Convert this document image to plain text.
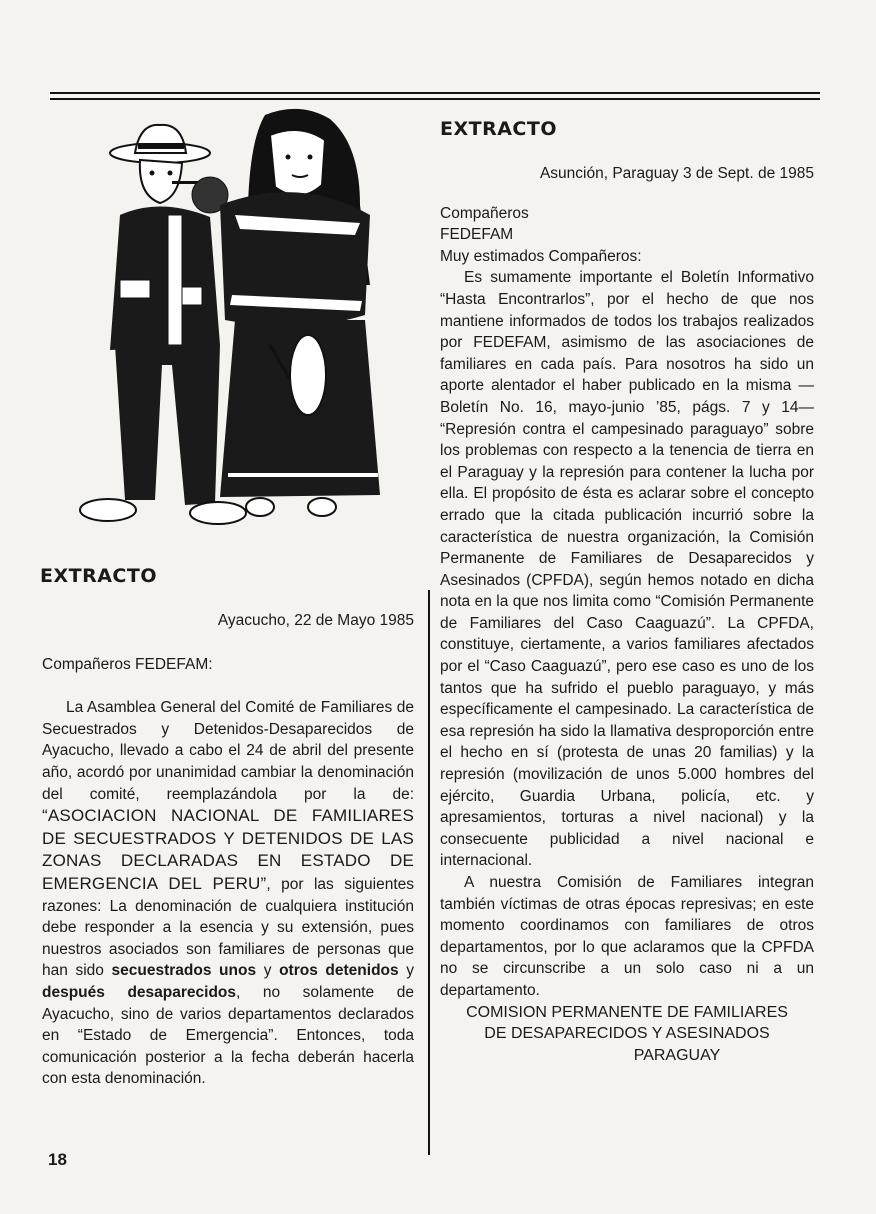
EXTRACTO

Ayacucho, 22 de Mayo 1985

Compañeros FEDEFAM:

La Asamblea General del Comité de Familiares de Secuestrados y Detenidos-Desaparecidos de Ayacucho, llevado a cabo el 24 de abril del presente año, acordó por unanimidad cambiar la denominación del comité, reemplazándola por la de: “ASOCIACION NACIONAL DE FAMILIARES DE SECUESTRADOS Y DETENIDOS DE LAS ZONAS DECLARADAS EN ESTADO DE EMERGENCIA DEL PERU”, por las siguientes razones: La denominación de cualquiera institución debe responder a la esencia y su extensión, pues nuestros asociados son familiares de personas que han sido secuestrados unos y otros detenidos y después desaparecidos, no solamente de Ayacucho, sino de varios departamentos declarados en “Estado de Emergencia”. Entonces, toda comunicación posterior a la fecha deberán hacerla con esta denominación.

EXTRACTO

Asunción, Paraguay 3 de Sept. de 1985

Compañeros

FEDEFAM

Muy estimados Compañeros:

Es sumamente importante el Boletín Informativo “Hasta Encontrarlos”, por el hecho de que nos mantiene informados de todos los trabajos realizados por FEDEFAM, asimismo de las asociaciones de familiares en cada país. Para nosotros ha sido un aporte alentador el haber publicado en la misma —Boletín No. 16, mayo-junio ’85, págs. 7 y 14— “Represión contra el campesinado paraguayo” sobre los problemas con respecto a la tenencia de tierra en el Paraguay y la represión para contener la lucha por ella. El propósito de ésta es aclarar sobre el concepto errado que la citada publicación incurrió sobre la característica de nuestra organización, la Comisión Permanente de Familiares de Desaparecidos y Asesinados (CPFDA), según hemos notado en dicha nota en la que nos limita como “Comisión Permanente de Familiares del Caso Caaguazú”. La CPFDA, constituye, ciertamente, a varios familiares afectados por el “Caso Caaguazú”, pero ese caso es uno de los tantos que ha sufrido el pueblo paraguayo, y más específicamente el campesinado. La característica de esa represión ha sido la llamativa desproporción entre el hecho en sí (protesta de unas 20 familias) y la represión (movilización de unos 5.000 hombres del ejército, Guardia Urbana, policía, etc. y apresamientos, torturas a nivel nacional) y la consecuente publicidad a nivel nacional e internacional.

A nuestra Comisión de Familiares integran también víctimas de otras épocas represivas; en este momento coordinamos con familiares de otros departamentos, por lo que aclaramos que la CPFDA no se circunscribe a un solo caso ni a un departamento.

COMISION PERMANENTE DE FAMILIARES
DE DESAPARECIDOS Y ASESINADOS
PARAGUAY
18
